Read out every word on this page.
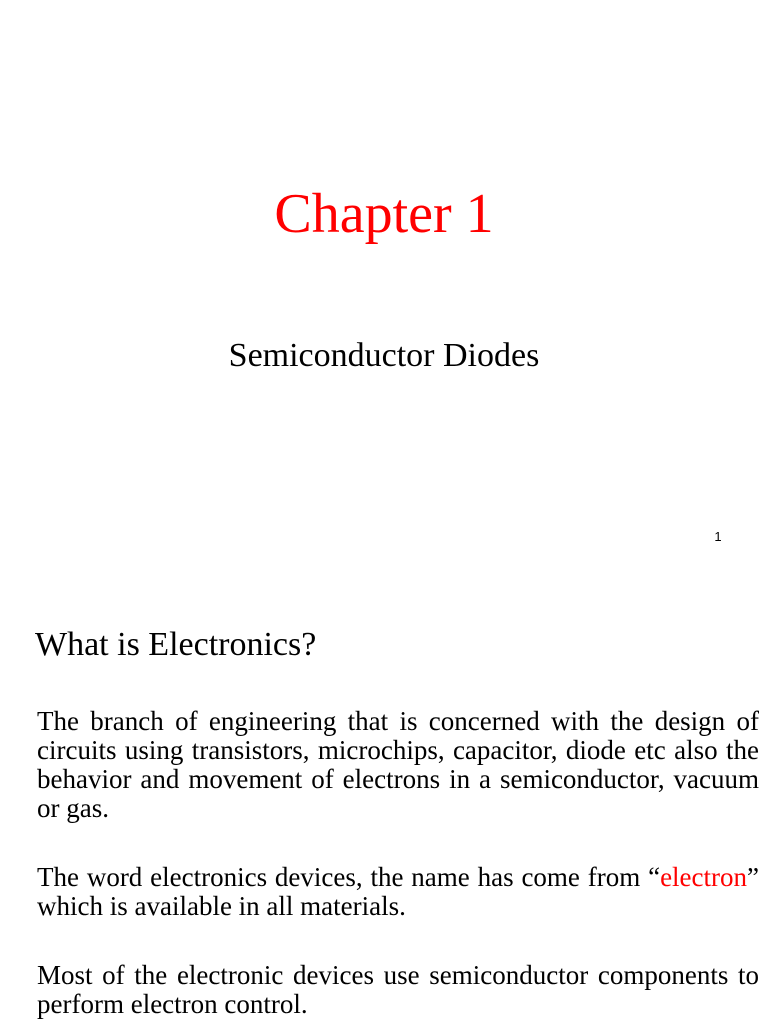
Chapter 1
Semiconductor Diodes
1
What is Electronics?

The branch of engineering that is concerned with the design of circuits using transistors, microchips, capacitor, diode etc also the behavior and movement of electrons in a semiconductor, vacuum or gas.

The word electronics devices, the name has come from “electron” which is available in all materials.

Most of the electronic devices use semiconductor components to perform electron control.
